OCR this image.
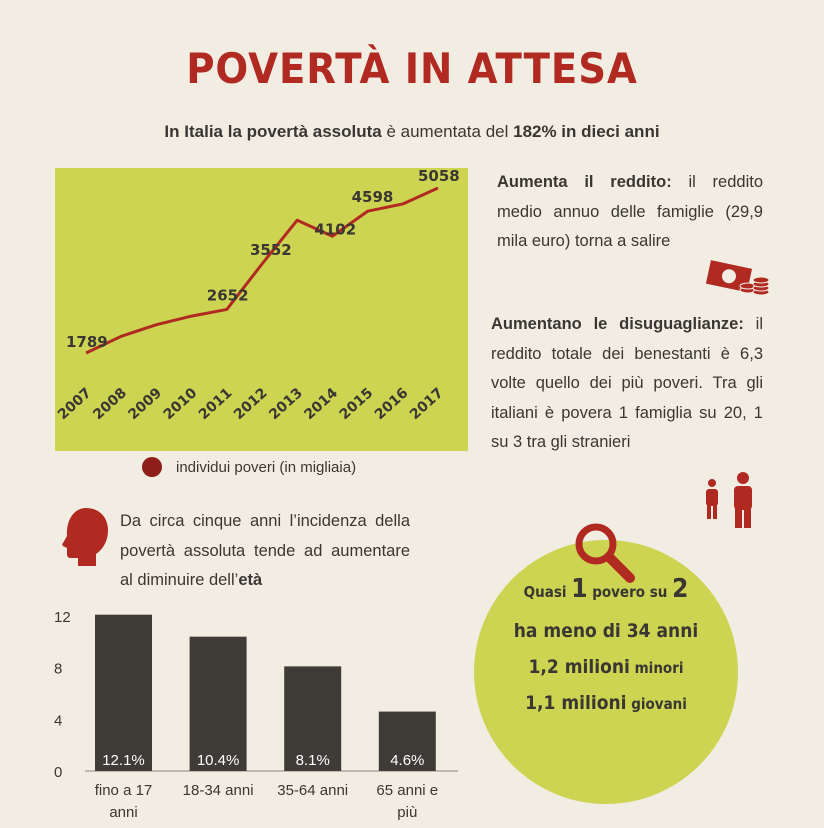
POVERTÀ IN ATTESA
In Italia la povertà assoluta è aumentata del 182% in dieci anni
2007
2008
2009
2010
2011
2012
2013
2014
2015
2016
2017
1789
2652
3552
4102
4598
5058
individui poveri (in migliaia)
Aumenta il reddito: il reddito medio annuo delle famiglie (29,9 mila euro) torna a salire
Aumentano le disuguaglianze: il reddito totale dei benestanti è 6,3 volte quello dei più poveri. Tra gli italiani è povera 1 famiglia su 20, 1 su 3 tra gli stranieri
Da circa cinque anni l’incidenza della povertà assoluta tende ad aumentare al diminuire dell’età
0
4
8
12
12.1%
fino a 17 anni
10.4%
18-34 anni
8.1%
35-64 anni
4.6%
65 anni e più
Quasi 1 povero su 2
ha meno di 34 anni
1,2 milioni minori
1,1 milioni giovani
